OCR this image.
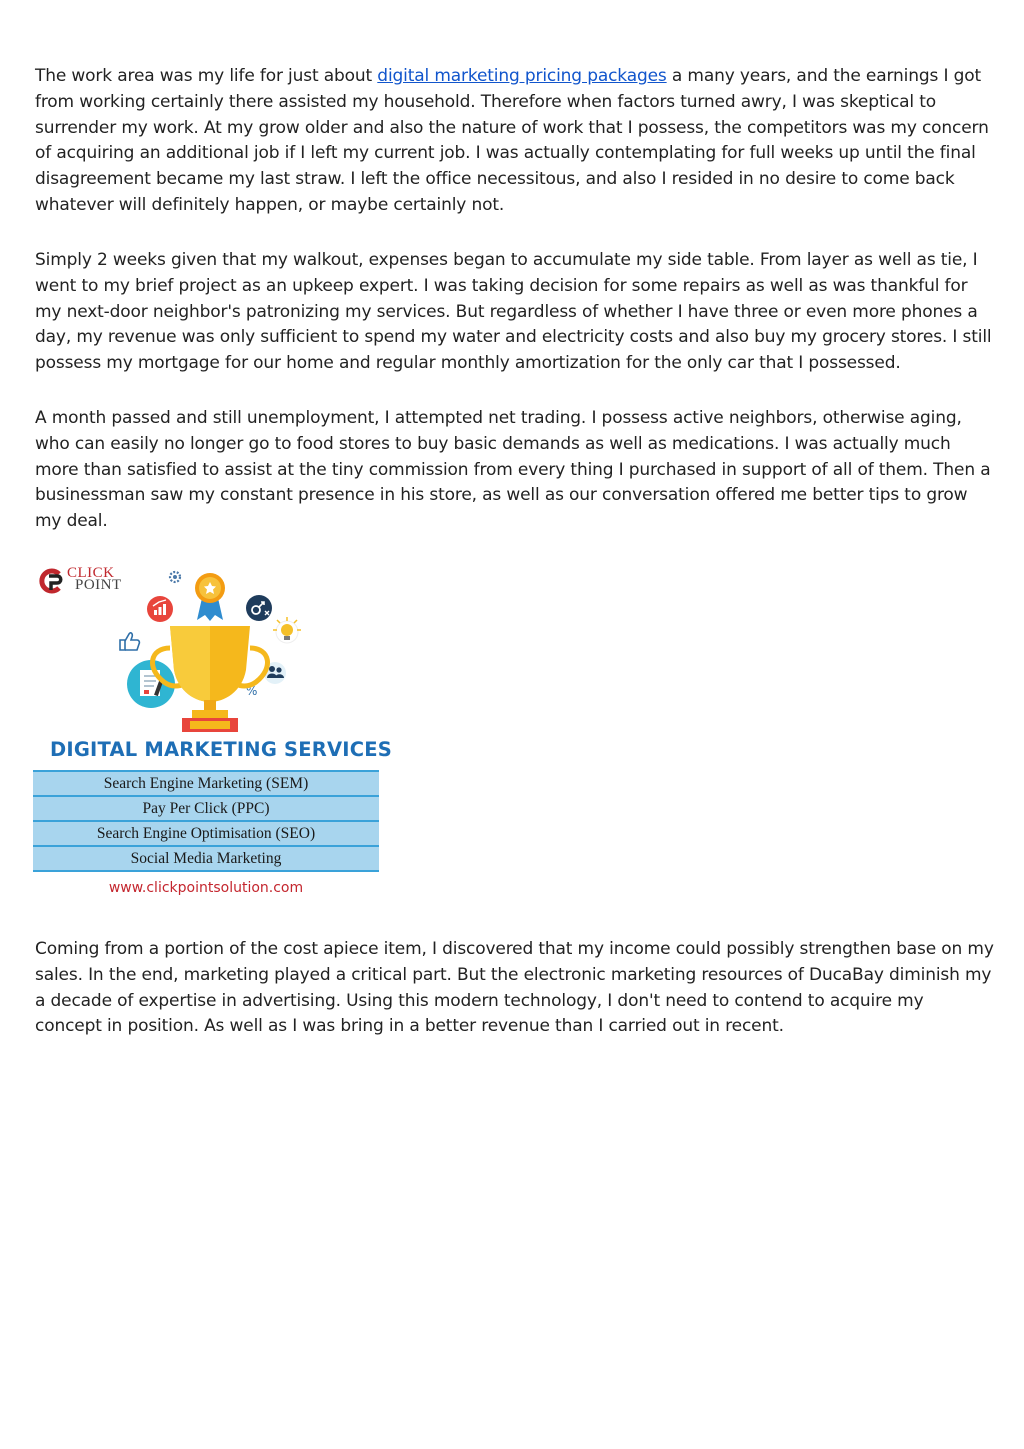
The work area was my life for just about digital marketing pricing packages a many years, and the earnings I got from working certainly there assisted my household. Therefore when factors turned awry, I was skeptical to surrender my work. At my grow older and also the nature of work that I possess, the competitors was my concern of acquiring an additional job if I left my current job. I was actually contemplating for full weeks up until the final disagreement became my last straw. I left the office necessitous, and also I resided in no desire to come back whatever will definitely happen, or maybe certainly not.

Simply 2 weeks given that my walkout, expenses began to accumulate my side table. From layer as well as tie, I went to my brief project as an upkeep expert. I was taking decision for some repairs as well as was thankful for my next-door neighbor's patronizing my services. But regardless of whether I have three or even more phones a day, my revenue was only sufficient to spend my water and electricity costs and also buy my grocery stores. I still possess my mortgage for our home and regular monthly amortization for the only car that I possessed.

A month passed and still unemployment, I attempted net trading. I possess active neighbors, otherwise aging, who can easily no longer go to food stores to buy basic demands as well as medications. I was actually much more than satisfied to assist at the tiny commission from every thing I purchased in support of all of them. Then a businessman saw my constant presence in his store, as well as our conversation offered me better tips to grow my deal.

%
CLICK
POINT
DIGITAL MARKETING SERVICES
Search Engine Marketing (SEM)
Pay Per Click (PPC)
Search Engine Optimisation (SEO)
Social Media Marketing
www.clickpointsolution.com

Coming from a portion of the cost apiece item, I discovered that my income could possibly strengthen base on my sales. In the end, marketing played a critical part. But the electronic marketing resources of DucaBay diminish my a decade of expertise in advertising. Using this modern technology, I don't need to contend to acquire my concept in position. As well as I was bring in a better revenue than I carried out in recent.
